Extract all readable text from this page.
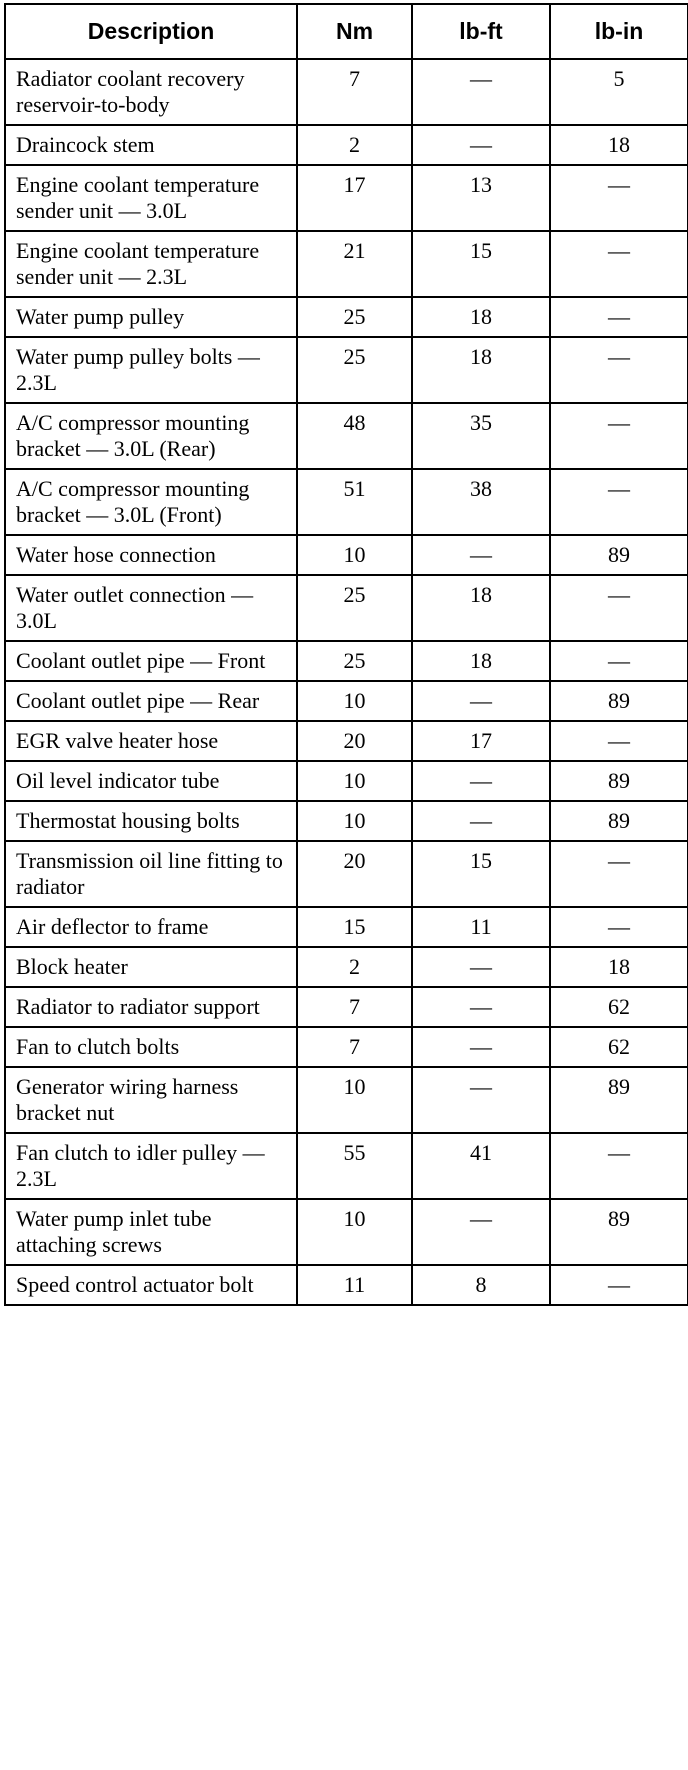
Description	Nm	lb-ft	lb-in
Radiator coolant recovery reservoir-to-body	7	—	5
Draincock stem	2	—	18
Engine coolant temperature sender unit — 3.0L	17	13	—
Engine coolant temperature sender unit — 2.3L	21	15	—
Water pump pulley	25	18	—
Water pump pulley bolts — 2.3L	25	18	—
A/C compressor mounting bracket — 3.0L (Rear)	48	35	—
A/C compressor mounting bracket — 3.0L (Front)	51	38	—
Water hose connection	10	—	89
Water outlet connection — 3.0L	25	18	—
Coolant outlet pipe — Front	25	18	—
Coolant outlet pipe — Rear	10	—	89
EGR valve heater hose	20	17	—
Oil level indicator tube	10	—	89
Thermostat housing bolts	10	—	89
Transmission oil line fitting to radiator	20	15	—
Air deflector to frame	15	11	—
Block heater	2	—	18
Radiator to radiator support	7	—	62
Fan to clutch bolts	7	—	62
Generator wiring harness bracket nut	10	—	89
Fan clutch to idler pulley — 2.3L	55	41	—
Water pump inlet tube attaching screws	10	—	89
Speed control actuator bolt	11	8	—
